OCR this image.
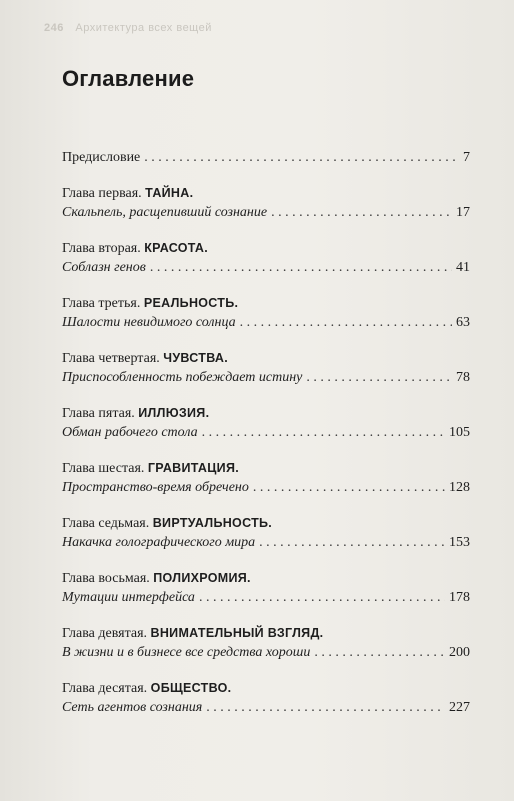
246 Архитектура всех вещей
Оглавление
Предисловие . . .	7
Глава первая. ТАЙНА.
Скальпель, расщепивший сознание . . .	17
Глава вторая. КРАСОТА.
Соблазн генов . . .	41
Глава третья. РЕАЛЬНОСТЬ.
Шалости невидимого солнца . . .	63
Глава четвертая. ЧУВСТВА.
Приспособленность побеждает истину . . .	78
Глава пятая. ИЛЛЮЗИЯ.
Обман рабочего стола . . .	105
Глава шестая. ГРАВИТАЦИЯ.
Пространство-время обречено . . .	128
Глава седьмая. ВИРТУАЛЬНОСТЬ.
Накачка голографического мира . . .	153
Глава восьмая. ПОЛИХРОМИЯ.
Мутации интерфейса . . .	178
Глава девятая. ВНИМАТЕЛЬНЫЙ ВЗГЛЯД.
В жизни и в бизнесе все средства хороши . . .	200
Глава десятая. ОБЩЕСТВО.
Сеть агентов сознания . . .	227
